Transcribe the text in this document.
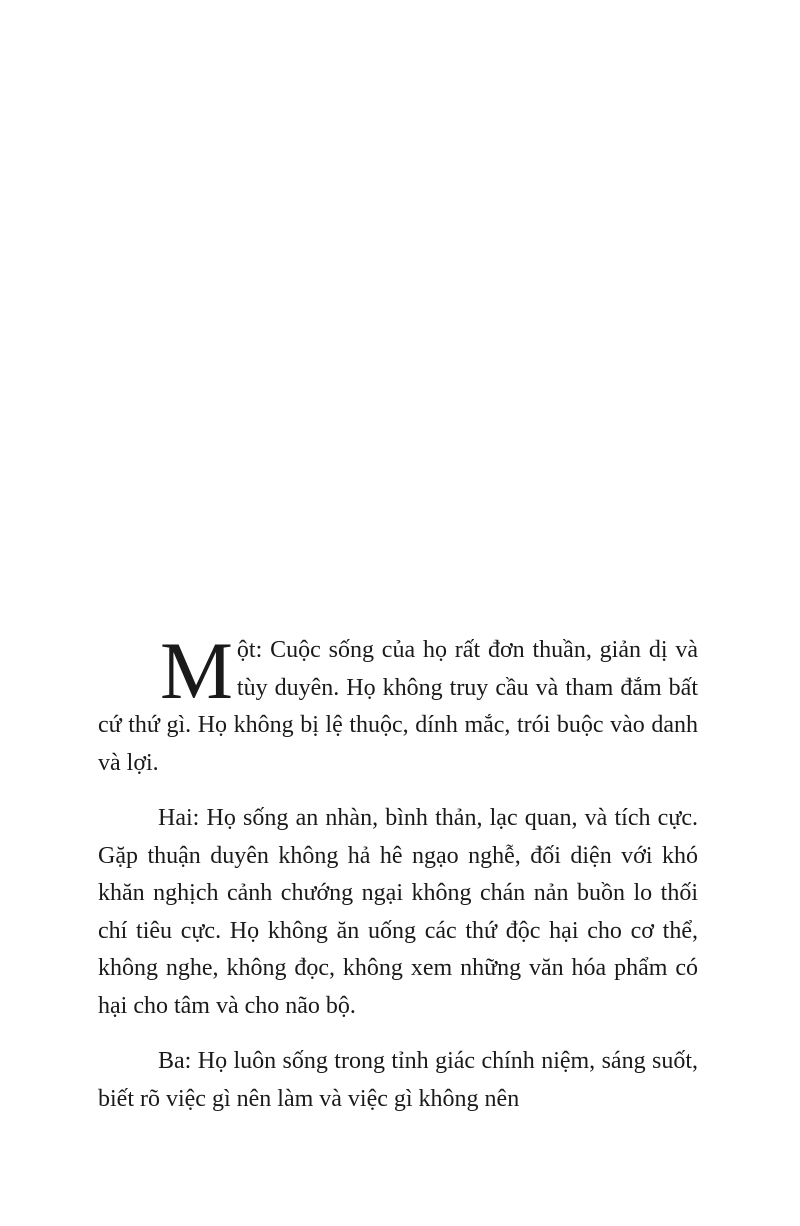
Một: Cuộc sống của họ rất đơn thuần, giản dị và tùy duyên. Họ không truy cầu và tham đắm bất cứ thứ gì. Họ không bị lệ thuộc, dính mắc, trói buộc vào danh và lợi.

Hai: Họ sống an nhàn, bình thản, lạc quan, và tích cực. Gặp thuận duyên không hả hê ngạo nghễ, đối diện với khó khăn nghịch cảnh chướng ngại không chán nản buồn lo thối chí tiêu cực. Họ không ăn uống các thứ độc hại cho cơ thể, không nghe, không đọc, không xem những văn hóa phẩm có hại cho tâm và cho não bộ.

Ba: Họ luôn sống trong tỉnh giác chính niệm, sáng suốt, biết rõ việc gì nên làm và việc gì không nên
